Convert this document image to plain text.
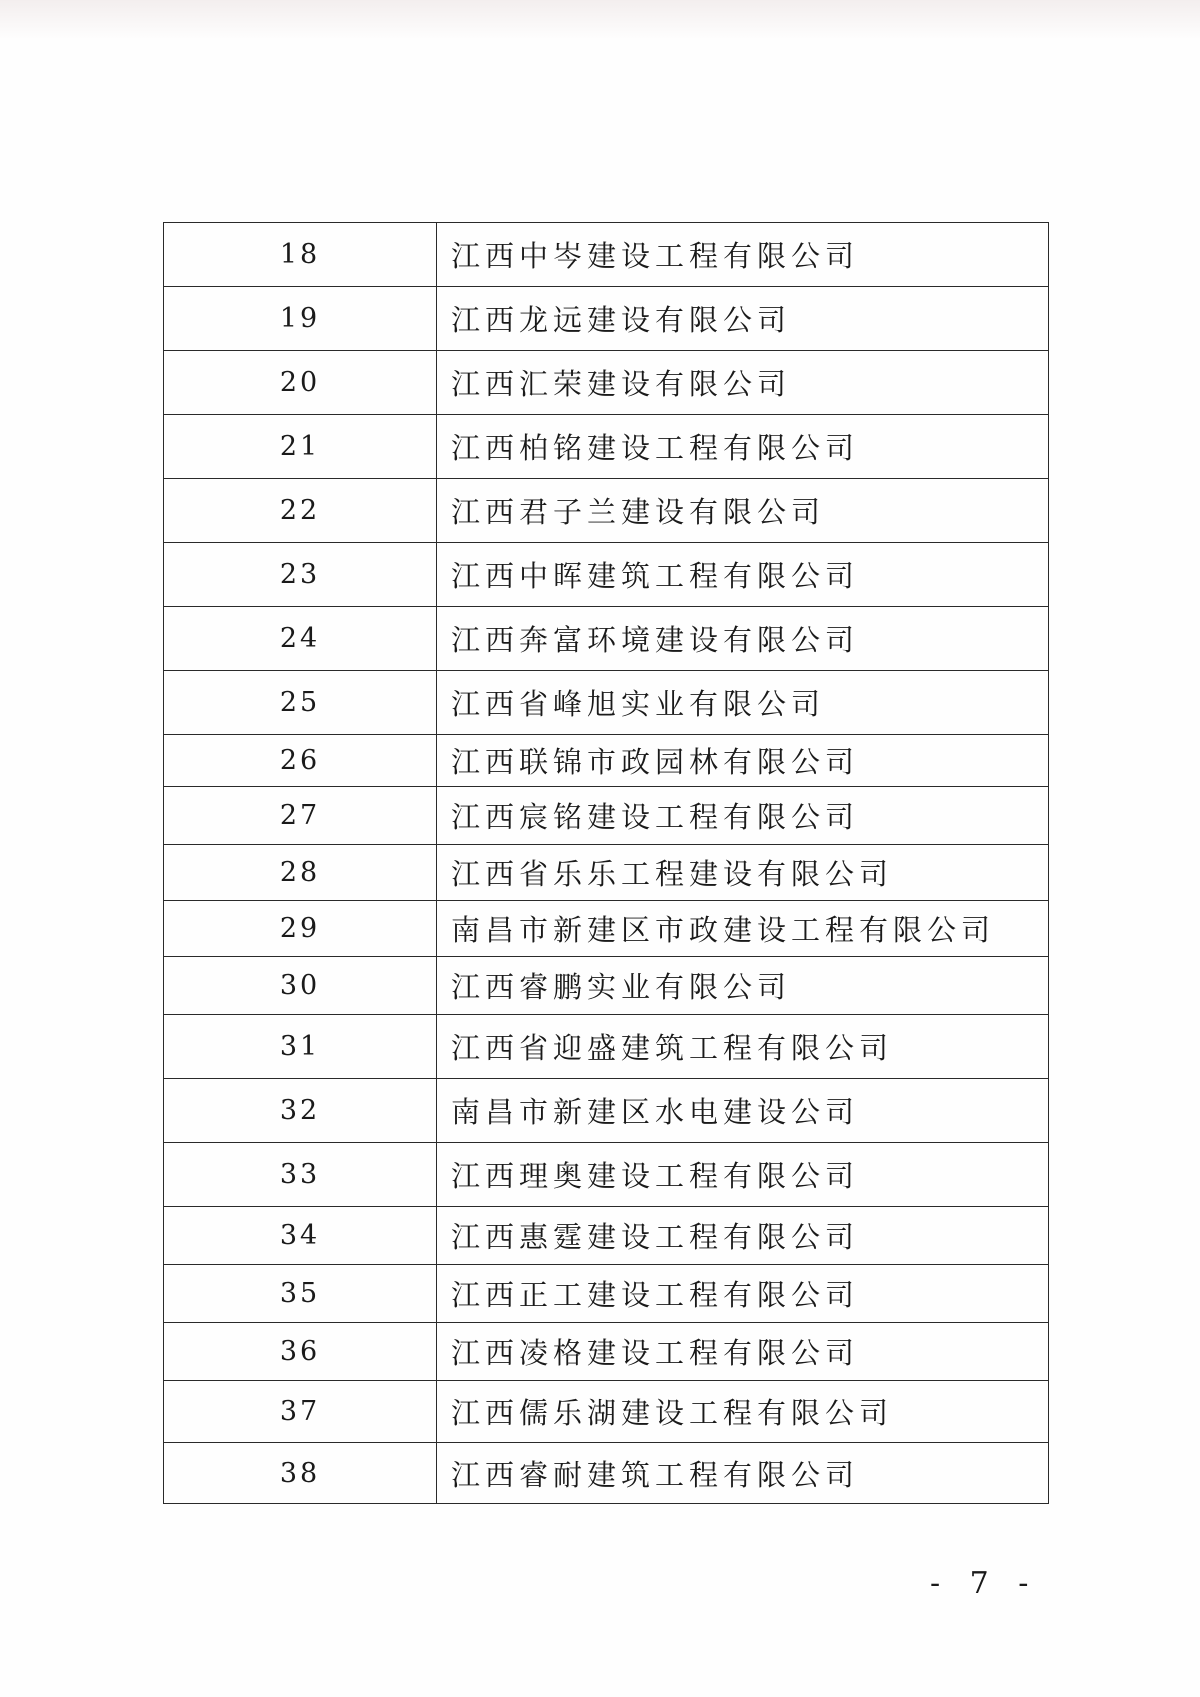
18	江西中岑建设工程有限公司
19	江西龙远建设有限公司
20	江西汇荣建设有限公司
21	江西柏铭建设工程有限公司
22	江西君子兰建设有限公司
23	江西中晖建筑工程有限公司
24	江西奔富环境建设有限公司
25	江西省峰旭实业有限公司
26	江西联锦市政园林有限公司
27	江西宸铭建设工程有限公司
28	江西省乐乐工程建设有限公司
29	南昌市新建区市政建设工程有限公司
30	江西睿鹏实业有限公司
31	江西省迎盛建筑工程有限公司
32	南昌市新建区水电建设公司
33	江西理奥建设工程有限公司
34	江西惠霆建设工程有限公司
35	江西正工建设工程有限公司
36	江西凌格建设工程有限公司
37	江西儒乐湖建设工程有限公司
38	江西睿耐建筑工程有限公司
- 7 -
